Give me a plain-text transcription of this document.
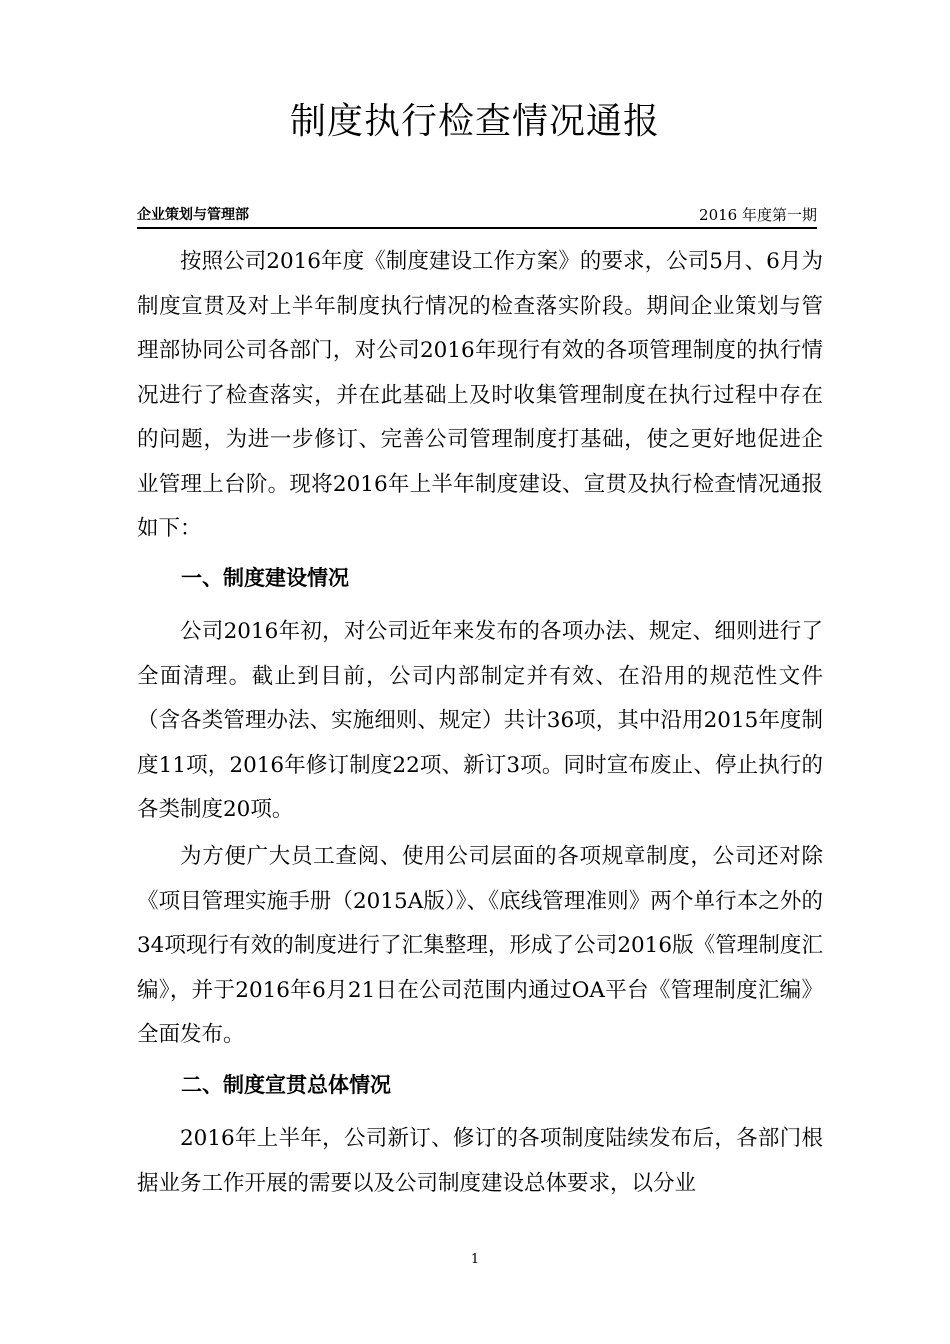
制度执行检查情况通报
企业策划与管理部	2016 年度第一期

按照公司2016年度《制度建设工作方案》的要求，公司5月、6月为制度宣贯及对上半年制度执行情况的检查落实阶段。期间企业策划与管理部协同公司各部门，对公司2016年现行有效的各项管理制度的执行情况进行了检查落实，并在此基础上及时收集管理制度在执行过程中存在的问题，为进一步修订、完善公司管理制度打基础，使之更好地促进企业管理上台阶。现将2016年上半年制度建设、宣贯及执行检查情况通报如下：

一、制度建设情况

公司2016年初，对公司近年来发布的各项办法、规定、细则进行了全面清理。截止到目前，公司内部制定并有效、在沿用的规范性文件（含各类管理办法、实施细则、规定）共计36项，其中沿用2015年度制度11项，2016年修订制度22项、新订3项。同时宣布废止、停止执行的各类制度20项。

为方便广大员工查阅、使用公司层面的各项规章制度，公司还对除《项目管理实施手册（2015A版）》、《底线管理准则》两个单行本之外的34项现行有效的制度进行了汇集整理，形成了公司2016版《管理制度汇编》，并于2016年6月21日在公司范围内通过OA平台《管理制度汇编》全面发布。

二、制度宣贯总体情况

2016年上半年，公司新订、修订的各项制度陆续发布后，各部门根据业务工作开展的需要以及公司制度建设总体要求，以分业

1
